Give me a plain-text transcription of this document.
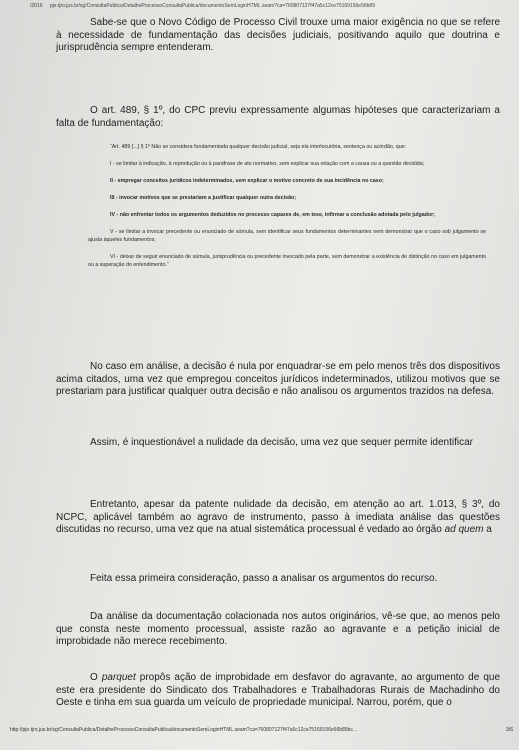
/2016 pje.tjro.jus.br/sg/ConsultaPublica/DetalheProcessoConsultaPublica/documentoSemLoginHTML.seam?ca=760807127f47a5c12ce75169156e56b89

Sabe-se que o Novo Código de Processo Civil trouxe uma maior exigência no que se refere à necessidade de fundamentação das decisões judiciais, positivando aquilo que doutrina e jurisprudência sempre entenderam.

O art. 489, § 1º, do CPC previu expressamente algumas hipóteses que caracterizariam a falta de fundamentação:

“Art. 489 [...] § 1º Não se considera fundamentada qualquer decisão judicial, seja ela interlocutória, sentença ou acórdão, que:

I - se limitar à indicação, à reprodução ou à paráfrase de ato normativo, sem explicar sua relação com a causa ou a questão decidida;

II - empregar conceitos jurídicos indeterminados, sem explicar o motivo concreto de sua incidência no caso;

III - invocar motivos que se prestariam a justificar qualquer outra decisão;

IV - não enfrentar todos os argumentos deduzidos no processo capazes de, em tese, infirmar a conclusão adotada pelo julgador;

V - se limitar a invocar precedente ou enunciado de súmula, sem identificar seus fundamentos determinantes nem demonstrar que o caso sob julgamento se ajusta àqueles fundamentos;

VI - deixar de seguir enunciado de súmula, jurisprudência ou precedente invocado pela parte, sem demonstrar a existência de distinção no caso em julgamento ou a superação do entendimento.”

No caso em análise, a decisão é nula por enquadrar-se em pelo menos três dos dispositivos acima citados, uma vez que empregou conceitos jurídicos indeterminados, utilizou motivos que se prestariam para justificar qualquer outra decisão e não analisou os argumentos trazidos na defesa.

Assim, é inquestionável a nulidade da decisão, uma vez que sequer permite identificar

Entretanto, apesar da patente nulidade da decisão, em atenção ao art. 1.013, § 3º, do NCPC, aplicável também ao agravo de instrumento, passo à imediata análise das questões discutidas no recurso, uma vez que na atual sistemática processual é vedado ao órgão ad quem a

Feita essa primeira consideração, passo a analisar os argumentos do recurso.

Da análise da documentação colacionada nos autos originários, vê-se que, ao menos pelo que consta neste momento processual, assiste razão ao agravante e a petição inicial de improbidade não merece recebimento.

O parquet propôs ação de improbidade em desfavor do agravante, ao argumento de que este era presidente do Sindicato dos Trabalhadores e Trabalhadoras Rurais de Machadinho do Oeste e tinha em sua guarda um veículo de propriedade municipal. Narrou, porém, que o

http://pje.tjro.jus.br/sg/ConsultaPublica/DetalheProcessoConsultaPublica/documentoSemLoginHTML.seam?ca=760807127f47a5c12ce75169156e56b89bc...	3/6
